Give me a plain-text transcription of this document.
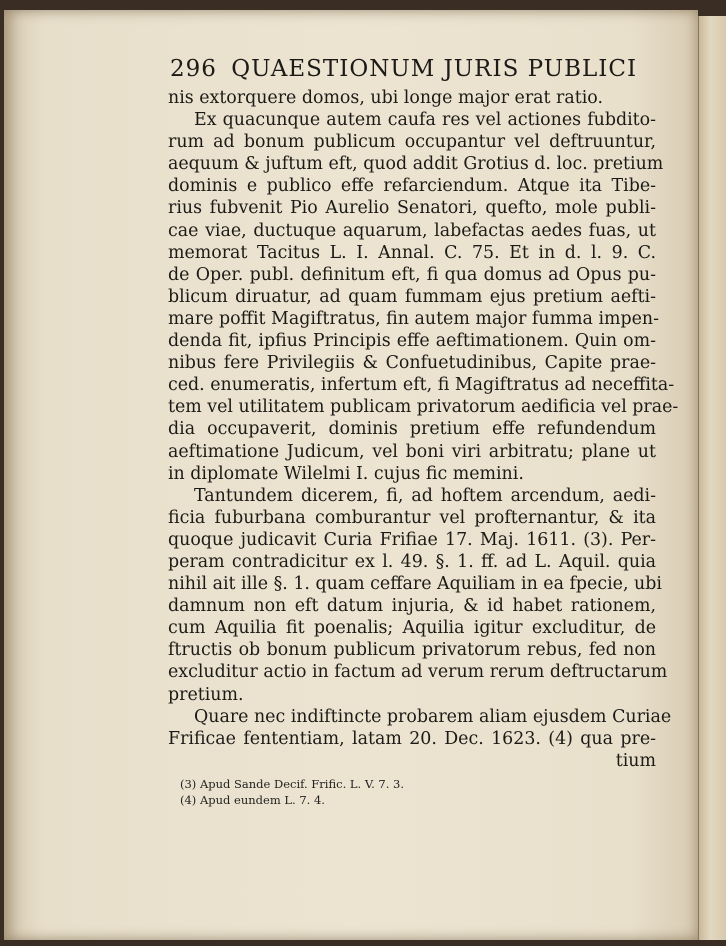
296 QUAESTIONUM JURIS PUBLICI
nis extorquere domos, ubi longe major erat ratio.
Ex quacunque autem caufa res vel actiones fubdito-
rum ad bonum publicum occupantur vel deftruuntur,
aequum & juftum eft, quod addit Grotius d. loc. pretium
dominis e publico effe refarciendum. Atque ita Tibe-
rius fubvenit Pio Aurelio Senatori, quefto, mole publi-
cae viae, ductuque aquarum, labefactas aedes fuas, ut
memorat Tacitus L. I. Annal. C. 75. Et in d. l. 9. C.
de Oper. publ. definitum eft, fi qua domus ad Opus pu-
blicum diruatur, ad quam fummam ejus pretium aefti-
mare poffit Magiftratus, fin autem major fumma impen-
denda fit, ipfius Principis effe aeftimationem. Quin om-
nibus fere Privilegiis & Confuetudinibus, Capite prae-
ced. enumeratis, infertum eft, fi Magiftratus ad neceffita-
tem vel utilitatem publicam privatorum aedificia vel prae-
dia occupaverit, dominis pretium effe refundendum
aeftimatione Judicum, vel boni viri arbitratu; plane ut
in diplomate Wilelmi I. cujus fic memini.
Tantundem dicerem, fi, ad hoftem arcendum, aedi-
ficia fuburbana comburantur vel profternantur, & ita
quoque judicavit Curia Frifiae 17. Maj. 1611. (3). Per-
peram contradicitur ex l. 49. §. 1. ff. ad L. Aquil. quia
nihil ait ille §. 1. quam ceffare Aquiliam in ea fpecie, ubi
damnum non eft datum injuria, & id habet rationem,
cum Aquilia fit poenalis; Aquilia igitur excluditur, de
ftructis ob bonum publicum privatorum rebus, fed non
excluditur actio in factum ad verum rerum deftructarum
pretium.
Quare nec indiftincte probarem aliam ejusdem Curiae
Frificae fententiam, latam 20. Dec. 1623. (4) qua pre-
tium
(3) Apud Sande Decif. Frific. L. V. 7. 3.
(4) Apud eundem L. 7. 4.
